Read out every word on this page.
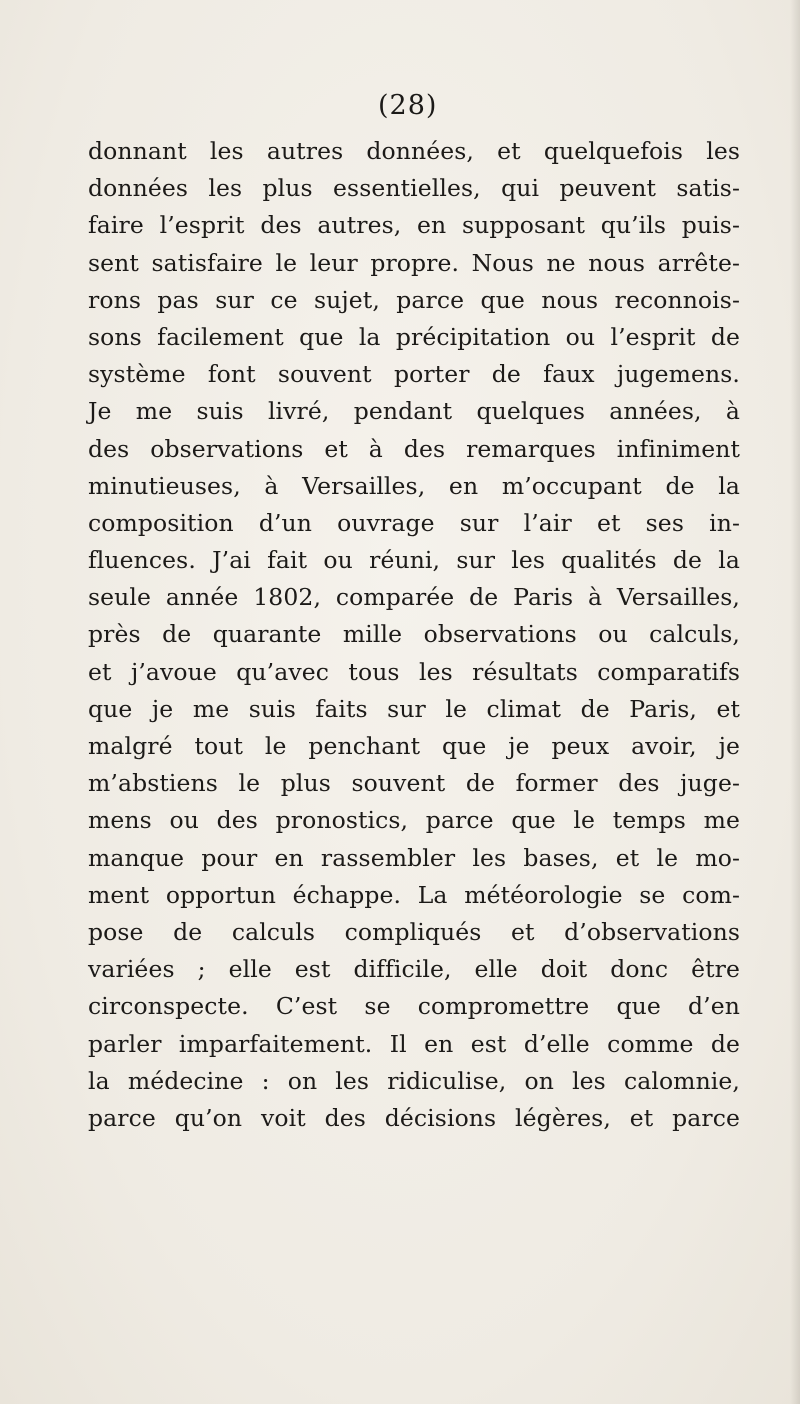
(28)
donnant les autres données, et quelquefois les
données les plus essentielles, qui peuvent satis-
faire l’esprit des autres, en supposant qu’ils puis-
sent satisfaire le leur propre. Nous ne nous arrête-
rons pas sur ce sujet, parce que nous reconnois-
sons facilement que la précipitation ou l’esprit de
système font souvent porter de faux jugemens.
Je me suis livré, pendant quelques années, à
des observations et à des remarques infiniment
minutieuses, à Versailles, en m’occupant de la
composition d’un ouvrage sur l’air et ses in-
fluences. J’ai fait ou réuni, sur les qualités de la
seule année 1802, comparée de Paris à Versailles,
près de quarante mille observations ou calculs,
et j’avoue qu’avec tous les résultats comparatifs
que je me suis faits sur le climat de Paris, et
malgré tout le penchant que je peux avoir, je
m’abstiens le plus souvent de former des juge-
mens ou des pronostics, parce que le temps me
manque pour en rassembler les bases, et le mo-
ment opportun échappe. La météorologie se com-
pose de calculs compliqués et d’observations
variées ; elle est difficile, elle doit donc être
circonspecte. C’est se compromettre que d’en
parler imparfaitement. Il en est d’elle comme de
la médecine : on les ridiculise, on les calomnie,
parce qu’on voit des décisions légères, et parce
